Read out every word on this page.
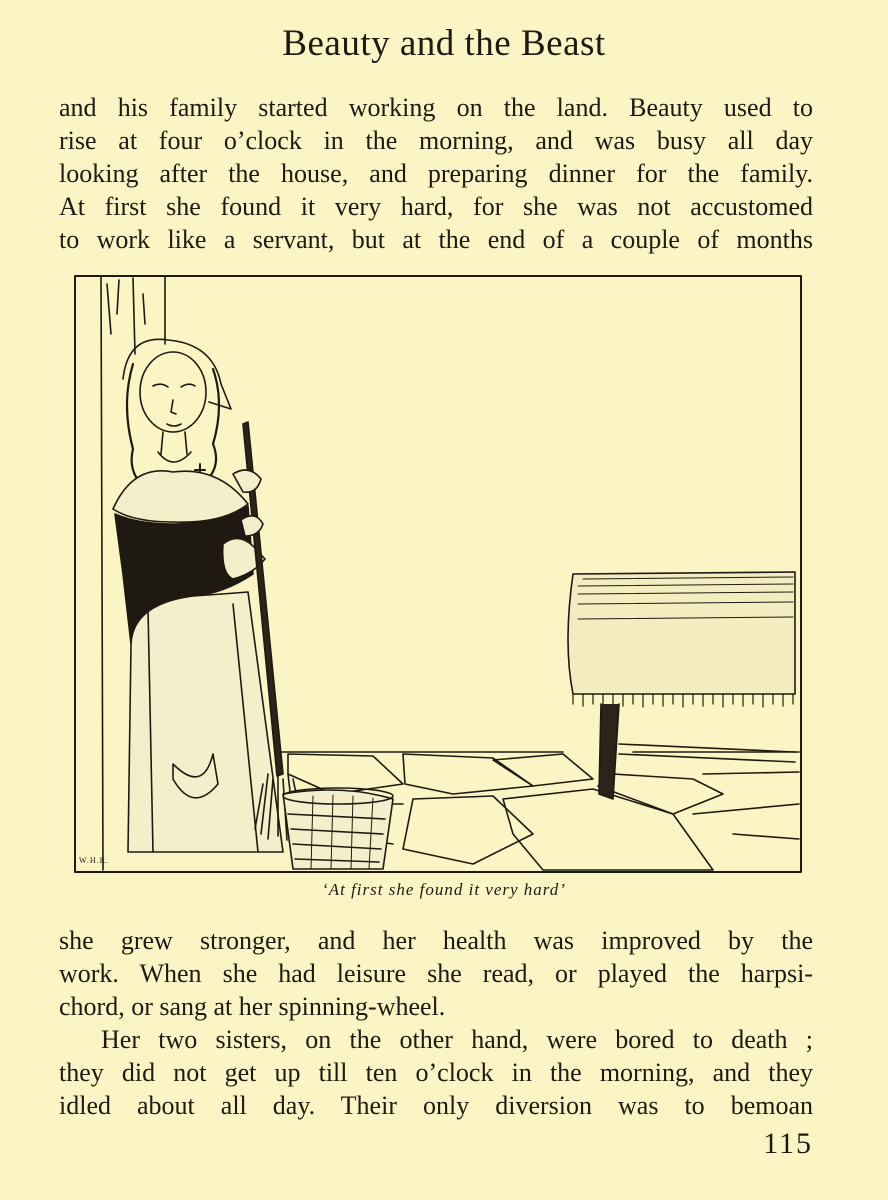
Beauty and the Beast

and his family started working on the land. Beauty used to
rise at four o’clock in the morning, and was busy all day
looking after the house, and preparing dinner for the family.
At first she found it very hard, for she was not accustomed
to work like a servant, but at the end of a couple of months

W.H.R.
‘At first she found it very hard’

she grew stronger, and her health was improved by the
work. When she had leisure she read, or played the harpsi-
chord, or sang at her spinning-wheel.

Her two sisters, on the other hand, were bored to death ;
they did not get up till ten o’clock in the morning, and they
idled about all day. Their only diversion was to bemoan

115
